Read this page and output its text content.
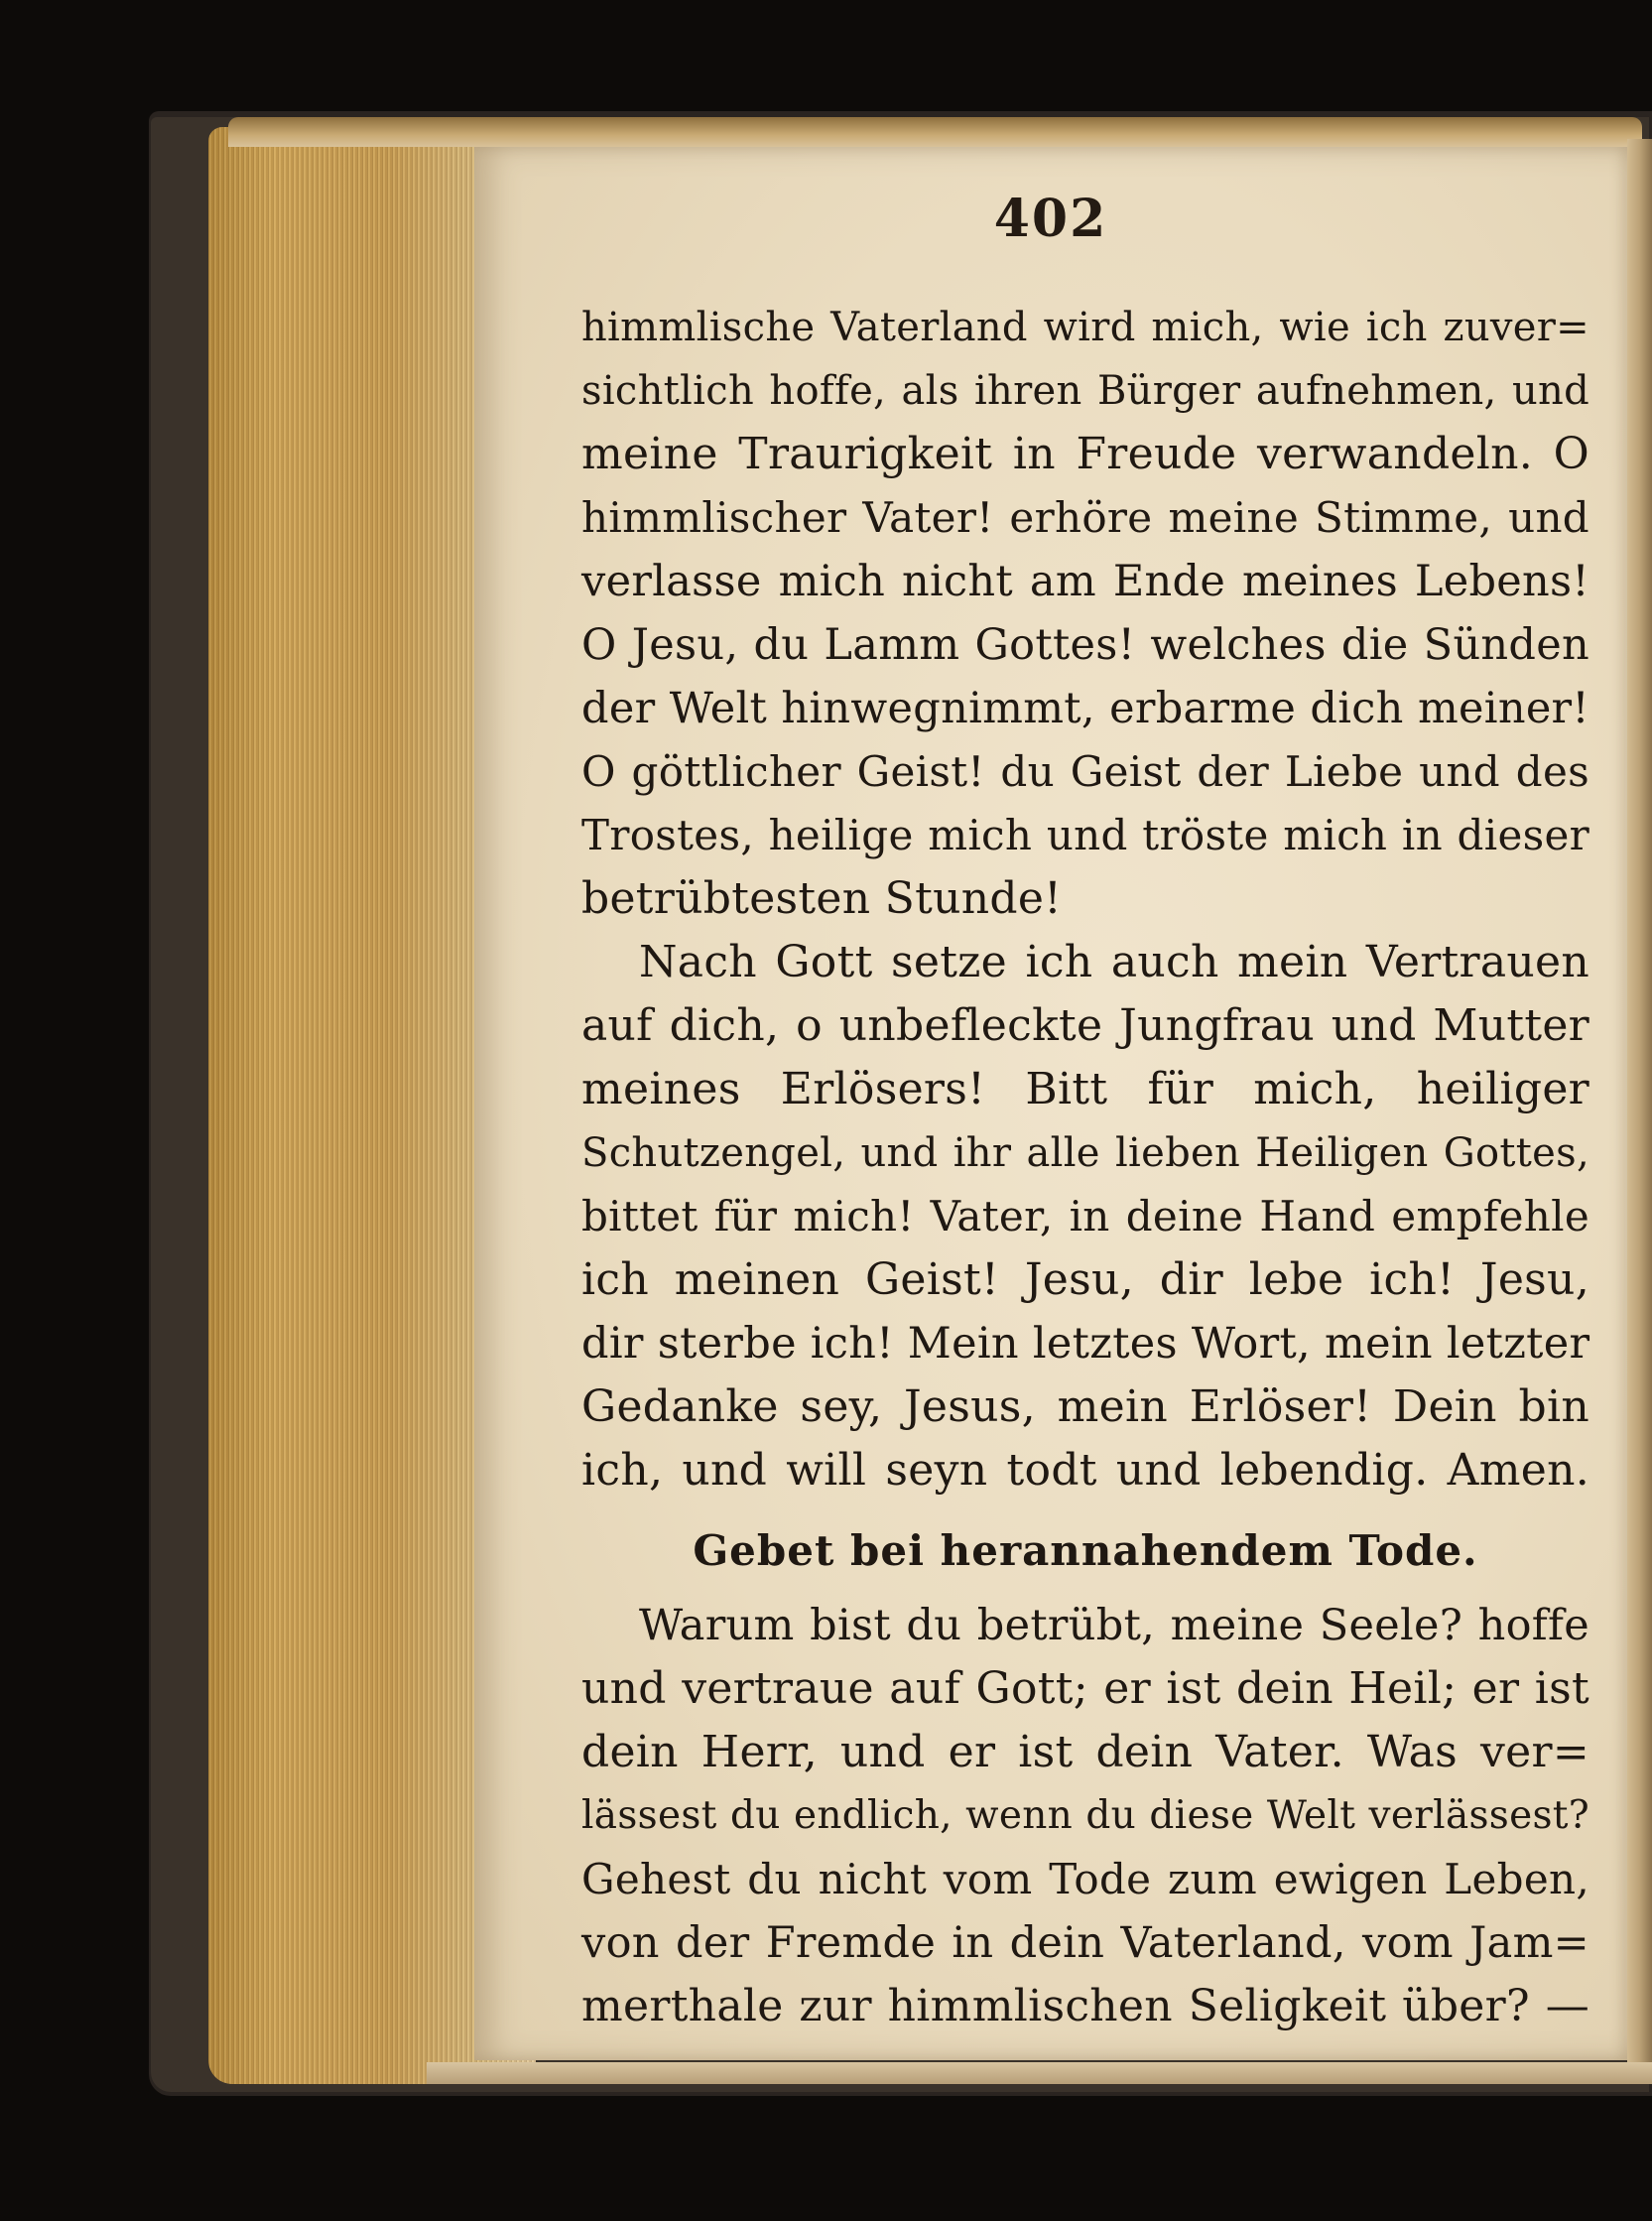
402
himmlische Vaterland wird mich, wie ich zuver=
sichtlich hoffe, als ihren Bürger aufnehmen, und
meine Traurigkeit in Freude verwandeln. O
himmlischer Vater! erhöre meine Stimme, und
verlasse mich nicht am Ende meines Lebens!
O Jesu, du Lamm Gottes! welches die Sünden
der Welt hinwegnimmt, erbarme dich meiner!
O göttlicher Geist! du Geist der Liebe und des
Trostes, heilige mich und tröste mich in dieser
betrübtesten Stunde!
Nach Gott setze ich auch mein Vertrauen
auf dich, o unbefleckte Jungfrau und Mutter
meines Erlösers! Bitt für mich, heiliger
Schutzengel, und ihr alle lieben Heiligen Gottes,
bittet für mich! Vater, in deine Hand empfehle
ich meinen Geist! Jesu, dir lebe ich! Jesu,
dir sterbe ich! Mein letztes Wort, mein letzter
Gedanke sey, Jesus, mein Erlöser! Dein bin
ich, und will seyn todt und lebendig. Amen.
Gebet bei herannahendem Tode.
Warum bist du betrübt, meine Seele? hoffe
und vertraue auf Gott; er ist dein Heil; er ist
dein Herr, und er ist dein Vater. Was ver=
lässest du endlich, wenn du diese Welt verlässest?
Gehest du nicht vom Tode zum ewigen Leben,
von der Fremde in dein Vaterland, vom Jam=
merthale zur himmlischen Seligkeit über? —
